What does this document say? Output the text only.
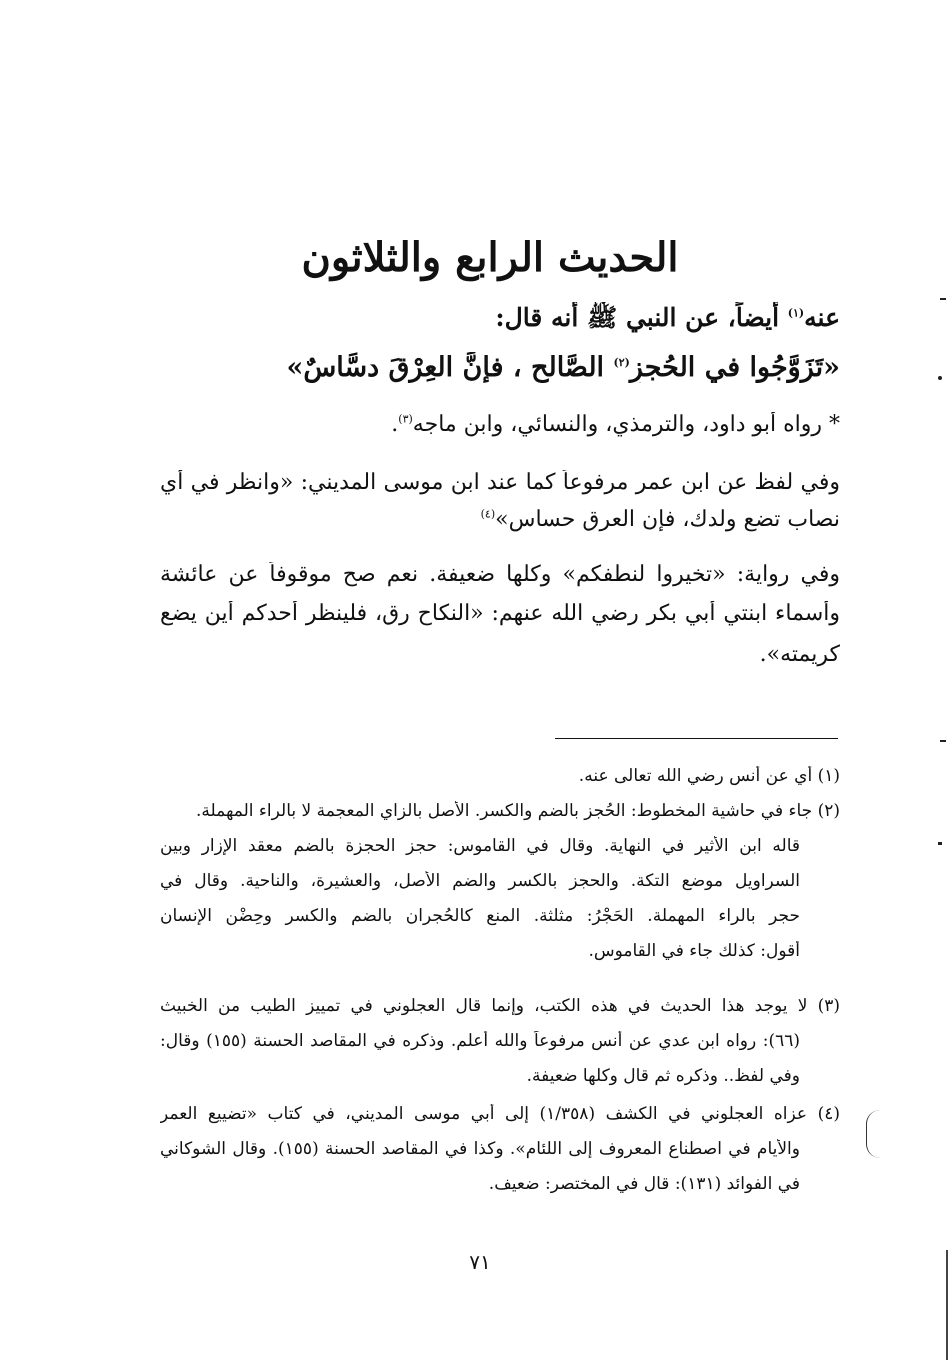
الحديث الرابع والثلاثون
عنه$^{(١)}$ أيضاً، عن النبي ﷺ أنه قال:
«تَزَوَّجُوا في الحُجزِ$^{(٢)}$ الصَّالح ، فإنَّ العِرْقَ دسَّاسٌ»
* رواه أبو داود، والترمذي، والنسائي، وابن ماجه$^{(٣)}$.
وفي لفظ عن ابن عمر مرفوعاً كما عند ابن موسى المديني: «وانظر في أي
نصاب تضع ولدك، فإن العرق حساس»$^{(٤)}$
وفي رواية: «تخيروا لنطفكم» وكلها ضعيفة. نعم صح موقوفاً عن عائشة
وأسماء ابنتي أبي بكر رضي الله عنهم: «النكاح رق، فلينظر أحدكم أين يضع
كريمته».
(١) أي عن أنس رضي الله تعالى عنه.
(٢) جاء في حاشية المخطوط: الحُجز بالضم والكسر. الأصل بالزاي المعجمة لا بالراء المهملة.
قاله ابن الأثير في النهاية. وقال في القاموس: حجز الحجزة بالضم معقد الإزار وبين
السراويل موضع التكة. والحجز بالكسر والضم الأصل، والعشيرة، والناحية. وقال في
حجر بالراء المهملة. الحَجْرُ: مثلثة. المنع كالحُجران بالضم والكسر وحِضْن الإنسان
أقول: كذلك جاء في القاموس.
(٣) لا يوجد هذا الحديث في هذه الكتب، وإنما قال العجلوني في تمييز الطيب من الخبيث
(٦٦): رواه ابن عدي عن أنس مرفوعاً والله أعلم. وذكره في المقاصد الحسنة (١٥٥) وقال:
وفي لفظ.. وذكره ثم قال وكلها ضعيفة.
(٤) عزاه العجلوني في الكشف (١/٣٥٨) إلى أبي موسى المديني، في كتاب «تضييع العمر
والأيام في اصطناع المعروف إلى اللئام». وكذا في المقاصد الحسنة (١٥٥). وقال الشوكاني
في الفوائد (١٣١): قال في المختصر: ضعيف.
٧١
